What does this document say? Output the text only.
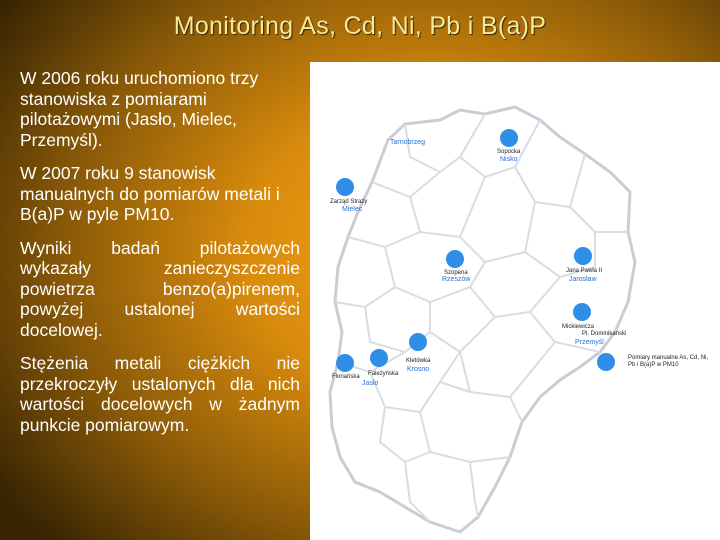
Monitoring As, Cd, Ni, Pb i B(a)P

W 2006 roku uruchomiono trzy stanowiska z pomiarami pilotażowymi (Jasło, Mielec, Przemyśl).

W 2007 roku 9 stanowisk manualnych do pomiarów metali i B(a)P w pyle PM10.

Wyniki badań pilotażowych wykazały zanieczyszczenie powietrza benzo(a)pirenem, powyżej ustalonej wartości docelowej.

Stężenia metali ciężkich nie przekroczyły ustalonych dla nich wartości docelowych w żadnym punkcie pomiarowym.

Tarnobrzeg
Sopocka
Nisko
Zarząd Straży
Mielec
Szopena
Rzeszów
Jana Pawła II
Jarosław
Mickiewicza
Pl. Dominikański
Przemyśl
Kletówka
Krosno
Floriańska Fależyńska
Jasło
Pomiary manualne As, Cd, Ni, Pb i B(a)P w PM10
